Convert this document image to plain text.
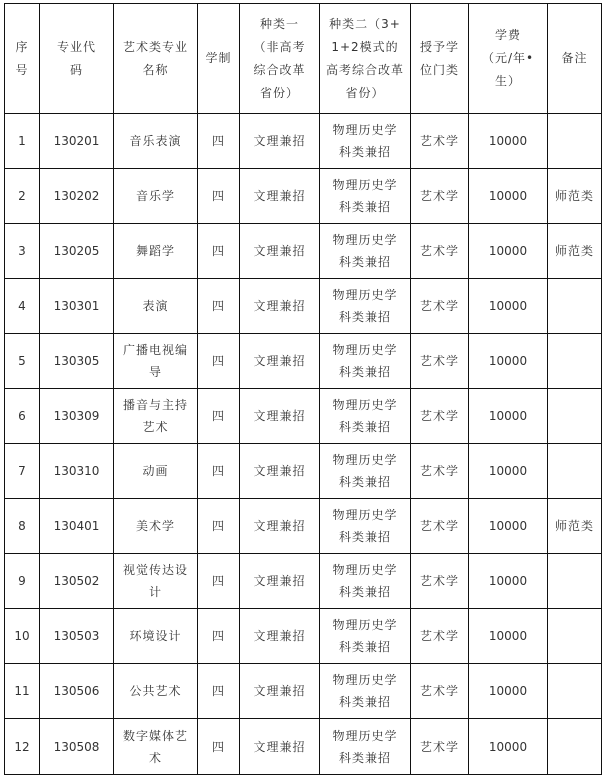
序号	专业代码	艺术类专业名称	学制	种类一（非高考综合改革省份）	种类二（3+1+2模式的高考综合改革省份）	授予学位门类	学费（元/年•生）	备注
1	130201	音乐表演	四	文理兼招	物理历史学科类兼招	艺术学	10000	
2	130202	音乐学	四	文理兼招	物理历史学科类兼招	艺术学	10000	师范类
3	130205	舞蹈学	四	文理兼招	物理历史学科类兼招	艺术学	10000	师范类
4	130301	表演	四	文理兼招	物理历史学科类兼招	艺术学	10000	
5	130305	广播电视编导	四	文理兼招	物理历史学科类兼招	艺术学	10000	
6	130309	播音与主持艺术	四	文理兼招	物理历史学科类兼招	艺术学	10000	
7	130310	动画	四	文理兼招	物理历史学科类兼招	艺术学	10000	
8	130401	美术学	四	文理兼招	物理历史学科类兼招	艺术学	10000	师范类
9	130502	视觉传达设计	四	文理兼招	物理历史学科类兼招	艺术学	10000	
10	130503	环境设计	四	文理兼招	物理历史学科类兼招	艺术学	10000	
11	130506	公共艺术	四	文理兼招	物理历史学科类兼招	艺术学	10000	
12	130508	数字媒体艺术	四	文理兼招	物理历史学科类兼招	艺术学	10000	
